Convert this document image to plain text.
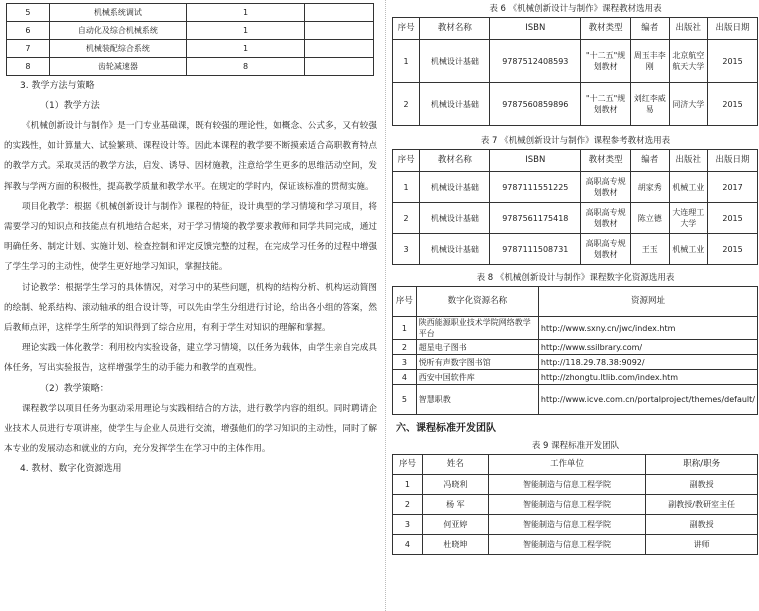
5	机械系统调试	1	
6	自动化及综合机械系统	1	
7	机械装配综合系统	1	
8	齿轮减速器	8	
3. 教学方法与策略
（1）教学方法

《机械创新设计与制作》是一门专业基础课，既有较强的理论性，如概念、公式多，又有较强的实践性，如计算量大、试验繁琐、课程设计等。因此本课程的教学要不断摸索适合高职教育特点的教学方式。采取灵活的教学方法，启发、诱导、因材施教，注意给学生更多的思维活动空间，发挥教与学两方面的积极性，提高教学质量和教学水平。在规定的学时内，保证该标准的贯彻实施。

项目化教学：根据《机械创新设计与制作》课程的特征，设计典型的学习情境和学习项目，将需要学习的知识点和技能点有机地结合起来，对于学习情境的教学要求教师和同学共同完成，通过明确任务、制定计划、实施计划、检查控制和评定反馈完整的过程，在完成学习任务的过程中增强了学生学习的主动性，使学生更好地学习知识，掌握技能。

讨论教学：根据学生学习的具体情况，对学习中的某些问题，机构的结构分析、机构运动简图的绘制、轮系结构、滚动轴承的组合设计等，可以先由学生分组进行讨论，给出各小组的答案，然后教师点评，这样学生所学的知识得到了综合应用，有利于学生对知识的理解和掌握。

理论实践一体化教学：利用校内实验设备，建立学习情境，以任务为载体，由学生亲自完成具体任务，写出实验报告，这样增强学生的动手能力和教学的直观性。

（2）教学策略：

课程教学以项目任务为驱动采用理论与实践相结合的方法，进行教学内容的组织。同时聘请企业技术人员进行专项讲座，使学生与企业人员进行交流，增强他们的学习知识的主动性，同时了解本专业的发展动态和就业的方向，充分发挥学生在学习中的主体作用。

4. 教材、数字化资源选用
表 6 《机械创新设计与制作》课程教材选用表
序号	教材名称	ISBN	教材类型	编者	出版社	出版日期
1	机械设计基础	9787512408593	"十二五"规划教材	周玉丰李刚	北京航空航天大学	2015
2	机械设计基础	9787560859896	"十二五"规划教材	刘红李威易	同济大学	2015
表 7 《机械创新设计与制作》课程参考教材选用表
序号	教材名称	ISBN	教材类型	编者	出版社	出版日期
1	机械设计基础	9787111551225	高职高专规划教材	胡家秀	机械工业	2017
2	机械设计基础	9787561175418	高职高专规划教材	陈立德	大连理工大学	2015
3	机械设计基础	9787111508731	高职高专规划教材	王玉	机械工业	2015
表 8 《机械创新设计与制作》课程数字化资源选用表
序号	数字化资源名称	资源网址
1	陕西能源职业技术学院网络教学平台	http://www.sxny.cn/jwc/index.htm
2	超星电子图书	http://www.ssilbrary.com/
3	悦听有声数字图书馆	http://118.29.78.38:9092/
4	西安中国软件库	http://zhongtu.ltlib.com/index.htm
5	智慧职教	http://www.icve.com.cn/portalproject/themes/default/
六、课程标准开发团队
表 9 课程标准开发团队
序号	姓名	工作单位	职称/职务
1	冯晓利	智能制造与信息工程学院	副教授
2	杨 军	智能制造与信息工程学院	副教授/教研室主任
3	何亚婷	智能制造与信息工程学院	副教授
4	杜晓坤	智能制造与信息工程学院	讲师
